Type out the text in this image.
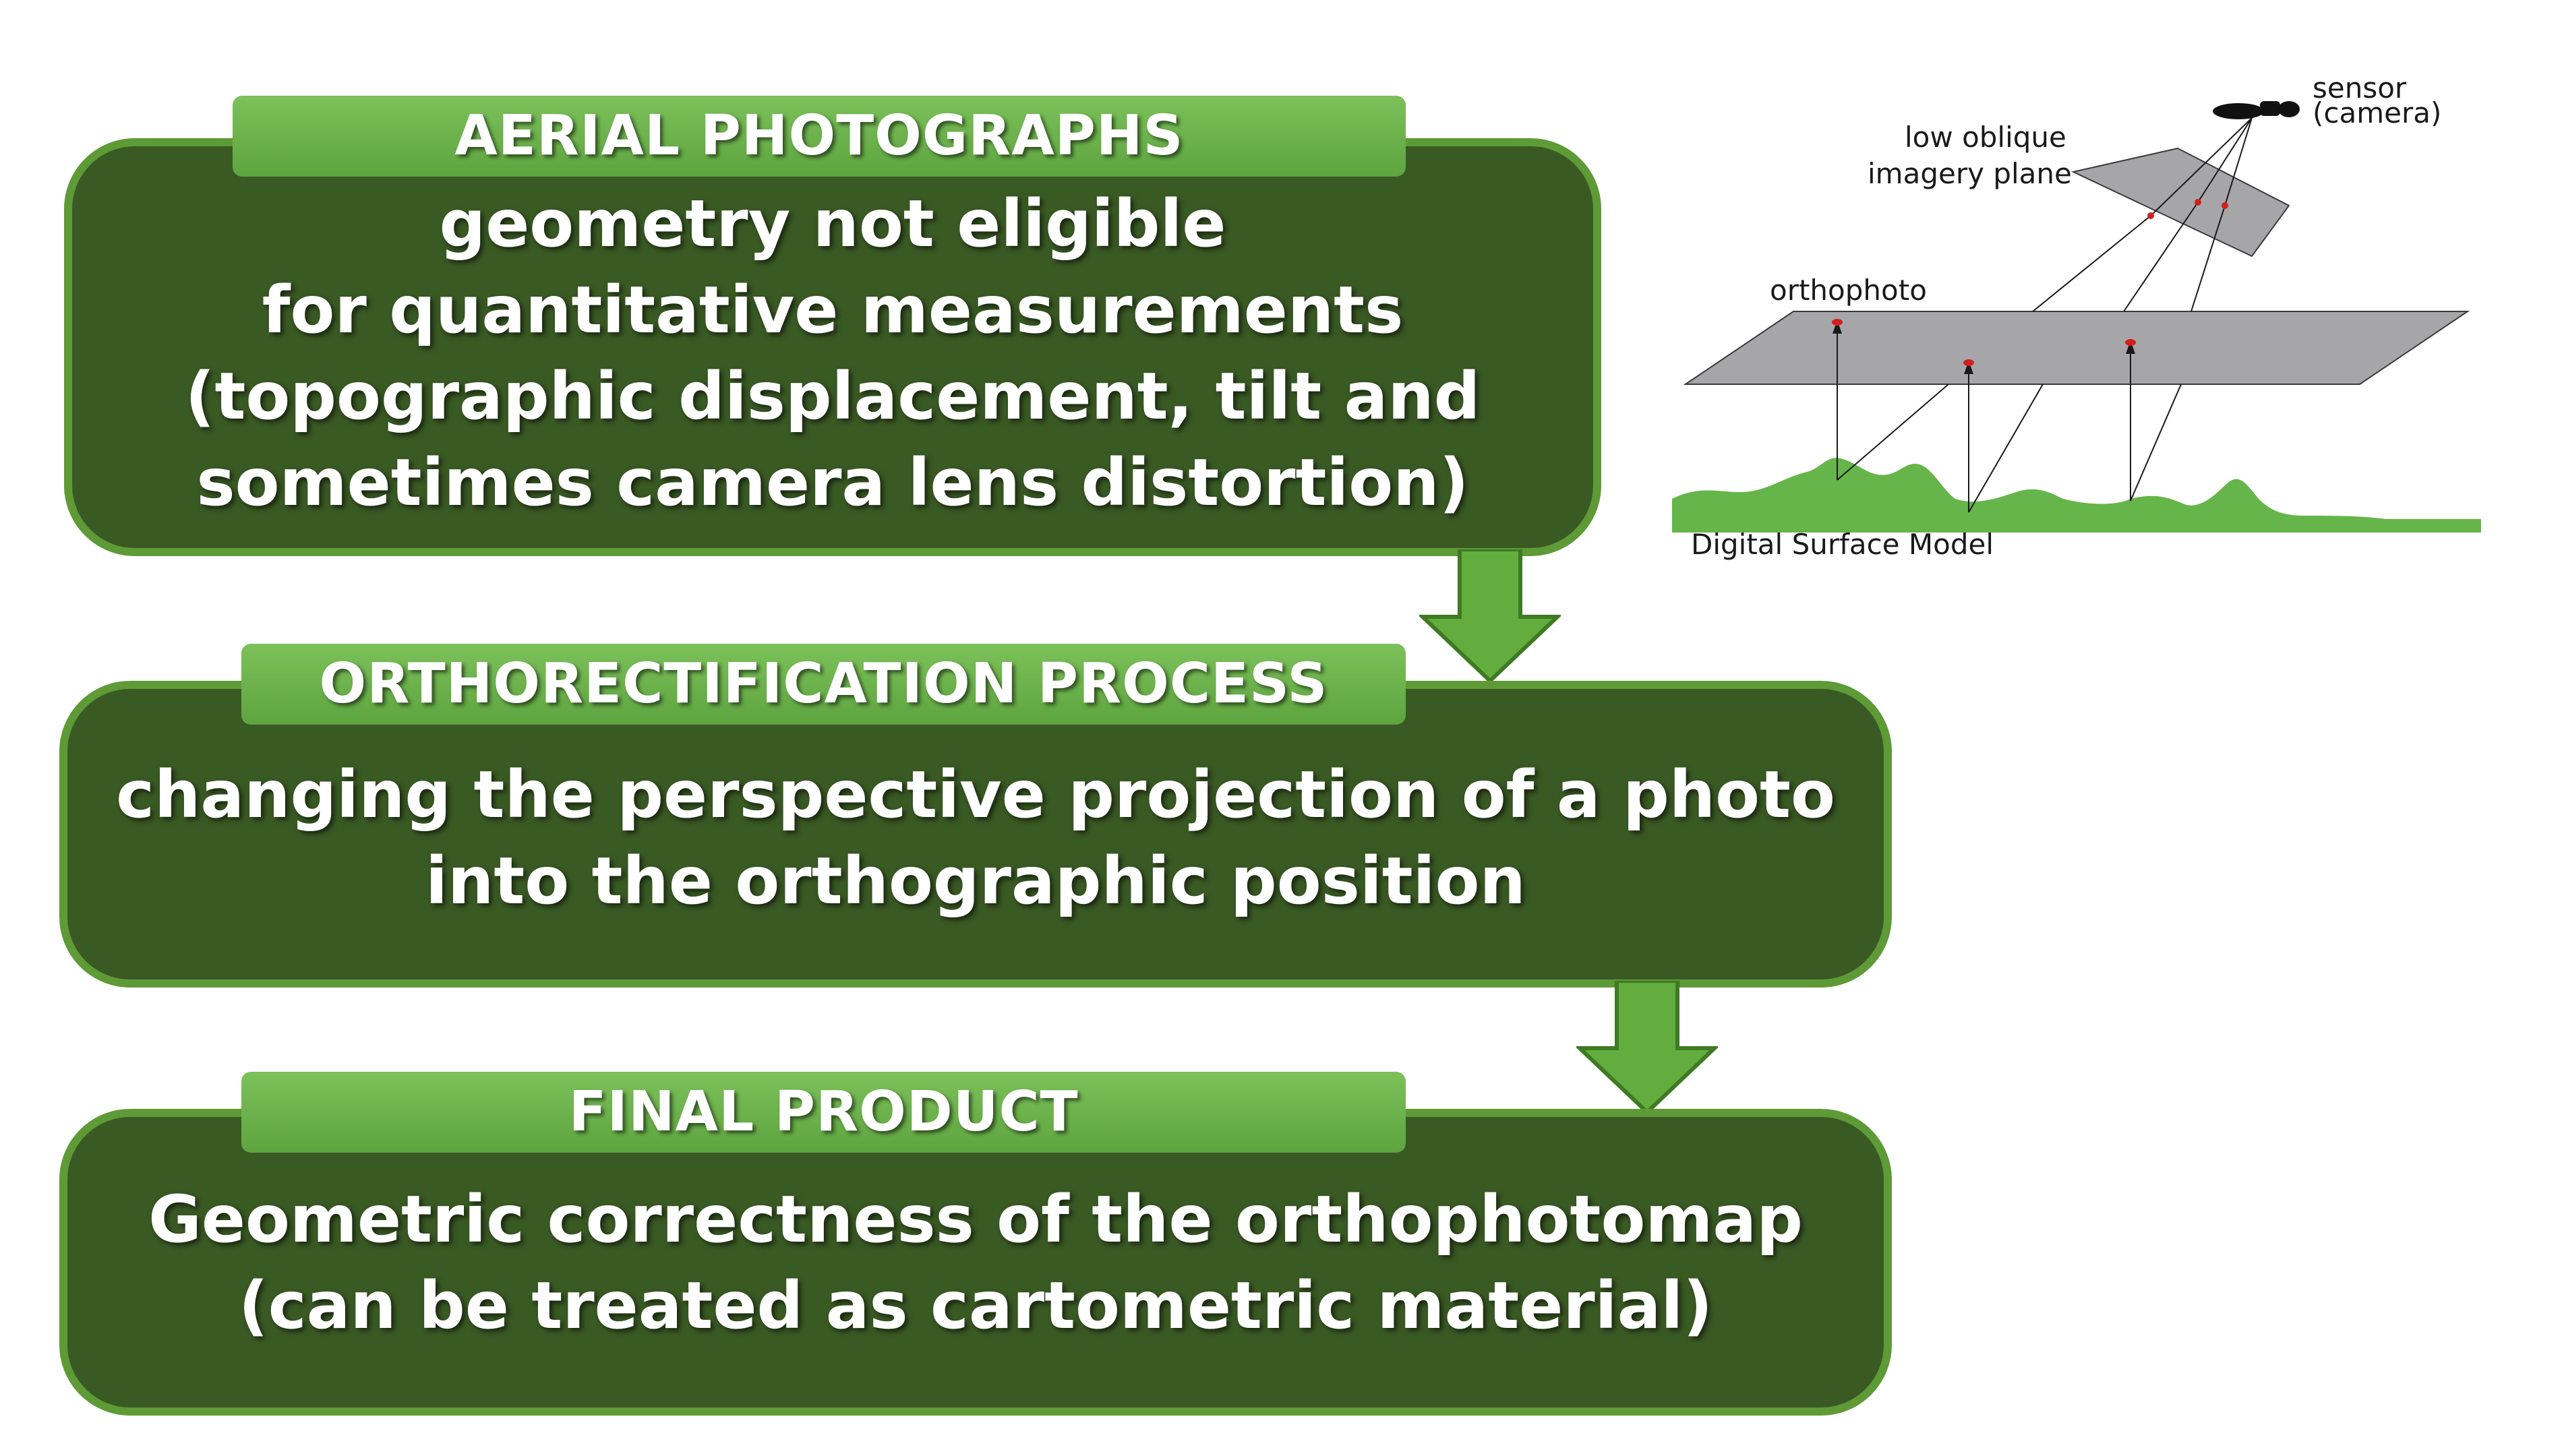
AERIAL PHOTOGRAPHS
geometry not eligible
for quantitative measurements
(topographic displacement, tilt and
sometimes camera lens distortion)
ORTHORECTIFICATION PROCESS
changing the perspective projection of a photo
into the orthographic position
FINAL PRODUCT
Geometric correctness of the orthophotomap
(can be treated as cartometric material)
sensor
(camera)
low oblique
imagery plane
orthophoto
Digital Surface Model
